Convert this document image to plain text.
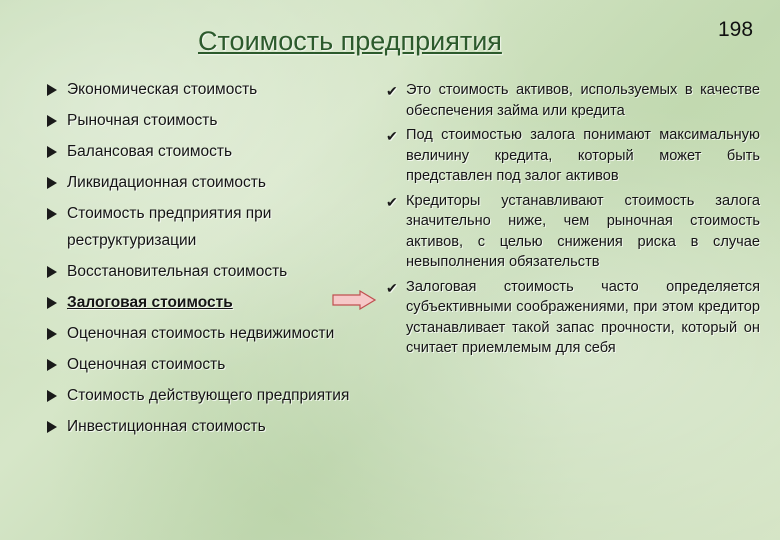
Стоимость предприятия	198
Экономическая стоимость
Рыночная стоимость
Балансовая стоимость
Ликвидационная стоимость
Стоимость предприятия при реструктуризации
Восстановительная стоимость
Залоговая стоимость
Оценочная стоимость недвижимости
Оценочная стоимость
Стоимость действующего предприятия
Инвестиционная стоимость
✔ Это стоимость активов, используемых в качестве обеспечения займа или кредита
✔ Под стоимостью залога понимают максимальную величину кредита, который может быть представлен под залог активов
✔ Кредиторы устанавливают стоимость залога значительно ниже, чем рыночная стоимость активов, с целью снижения риска в случае невыполнения обязательств
✔ Залоговая стоимость часто определяется субъективными соображениями, при этом кредитор устанавливает такой запас прочности, который он считает приемлемым для себя
